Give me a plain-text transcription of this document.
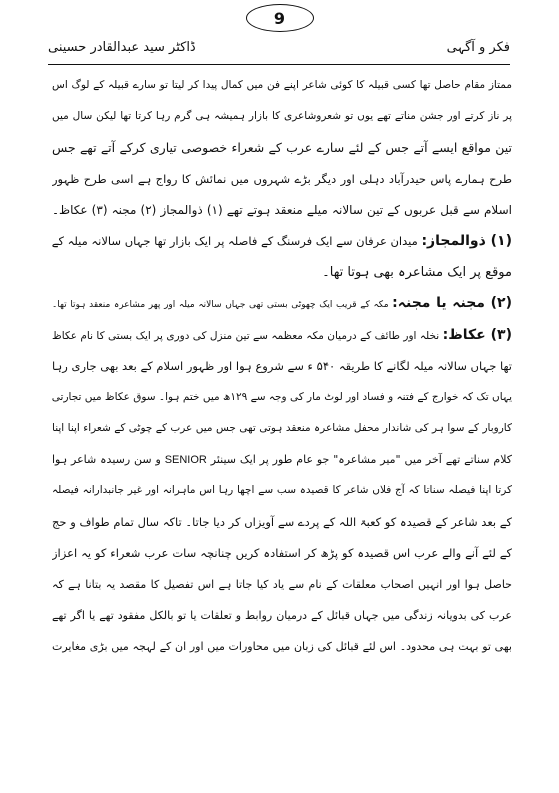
ڈاکٹر سید عبدالقادر حسینی	فکر و آگہی
9
ممتاز مقام حاصل تھا کسی قبیلہ کا کوئی شاعر اپنے فن میں کمال پیدا کر لیتا تو سارے قبیلہ کے لوگ اس
پر ناز کرتے اور جشن مناتے تھے یوں تو شعروشاعری کا بازار ہمیشہ ہی گرم رہا کرتا تھا لیکن سال میں
تین مواقع ایسے آتے جس کے لئے سارے عرب کے شعراء خصوصی تیاری کرکے آتے تھے جس
طرح ہمارے پاس حیدرآباد دہلی اور دیگر بڑے شہروں میں نمائش کا رواج ہے اسی طرح ظہور
اسلام سے قبل عربوں کے تین سالانہ میلے منعقد ہوتے تھے (۱) ذوالمجاز (۲) مجنہ (۳) عکاظ۔
(۱) ذوالمجاز: میدان عرفان سے ایک فرسنگ کے فاصلہ پر ایک بازار تھا جہاں سالانہ میلہ کے
موقع پر ایک مشاعرہ بھی ہوتا تھا۔
(۲) مجنہ یا مجنہ: مکہ کے قریب ایک چھوٹی بستی تھی جہاں سالانہ میلہ اور پھر مشاعرہ منعقد ہوتا تھا۔
(۳) عکاظ: نخلہ اور طائف کے درمیان مکہ معظمہ سے تین منزل کی دوری پر ایک بستی کا نام عکاظ
تھا جہاں سالانہ میلہ لگانے کا طریقہ ۵۴۰ ء سے شروع ہوا اور ظہور اسلام کے بعد بھی جاری رہا
یہاں تک کہ خوارج کے فتنہ و فساد اور لوٹ مار کی وجہ سے ۱۲۹ھ میں ختم ہوا۔ سوق عکاظ میں تجارتی
کاروبار کے سوا ہر کی شاندار محفل مشاعرہ منعقد ہوتی تھی جس میں عرب کے چوٹی کے شعراء اپنا اپنا
کلام سناتے تھے آخر میں "میر مشاعرہ" جو عام طور پر ایک سینئر SENIOR و سن رسیدہ شاعر ہوا
کرتا اپنا فیصلہ سناتا کہ آج فلاں شاعر کا قصیدہ سب سے اچھا رہا اس ماہرانہ اور غیر جانبدارانہ فیصلہ
کے بعد شاعر کے قصیدہ کو کعبۃ اللہ کے پردے سے آویزاں کر دیا جاتا۔ تاکہ سال تمام طواف و حج
کے لئے آنے والے عرب اس قصیدہ کو پڑھ کر استفادہ کریں چنانچہ سات عرب شعراء کو یہ اعزاز
حاصل ہوا اور انہیں اصحاب معلقات کے نام سے یاد کیا جاتا ہے اس تفصیل کا مقصد یہ بتانا ہے کہ
عرب کی بدویانہ زندگی میں جہاں قبائل کے درمیان روابط و تعلقات یا تو بالکل مفقود تھے یا اگر تھے
بھی تو بہت ہی محدود۔ اس لئے قبائل کی زبان میں محاورات میں اور ان کے لہجہ میں بڑی مغایرت
